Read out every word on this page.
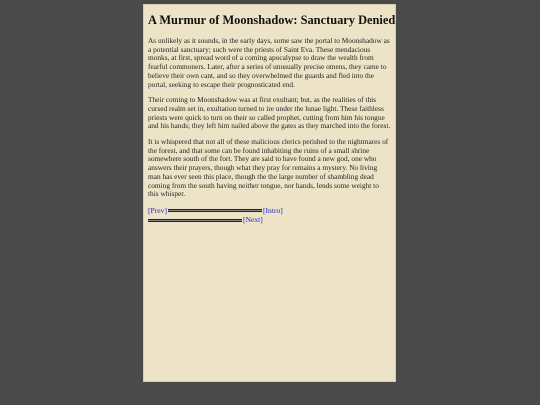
A Murmur of Moonshadow: Sanctuary Denied

As unlikely as it sounds, in the early days, some saw the portal to Moonshadow as a potential sanctuary; such were the priests of Saint Eva. These mendacious monks, at first, spread word of a coming apocalypse to draw the wealth from fearful commoners. Later, after a series of unusually precise omens, they came to believe their own cant, and so they overwhelmed the guards and fled into the portal, seeking to escape their prognosticated end.

Their coming to Moonshadow was at first exultant; but, as the realities of this cursed realm set in, exultation turned to ire under the lunae light. These faithless priests were quick to turn on their so called prophet, cutting from him his tongue and his hands; they left him nailed above the gates as they marched into the forest.

It is whispered that not all of these malicious clerics perished to the nightmares of the forest, and that some can be found inhabiting the ruins of a small shrine somewhere south of the fort. They are said to have found a new god, one who answers their prayers, though what they pray for remains a mystery. No living man has ever seen this place, though the the large number of shambling dead coming from the south having neither tongue, nor hands, lends some weight to this whisper.

[ Prev ]	[ Intro ]
[ Next ]
